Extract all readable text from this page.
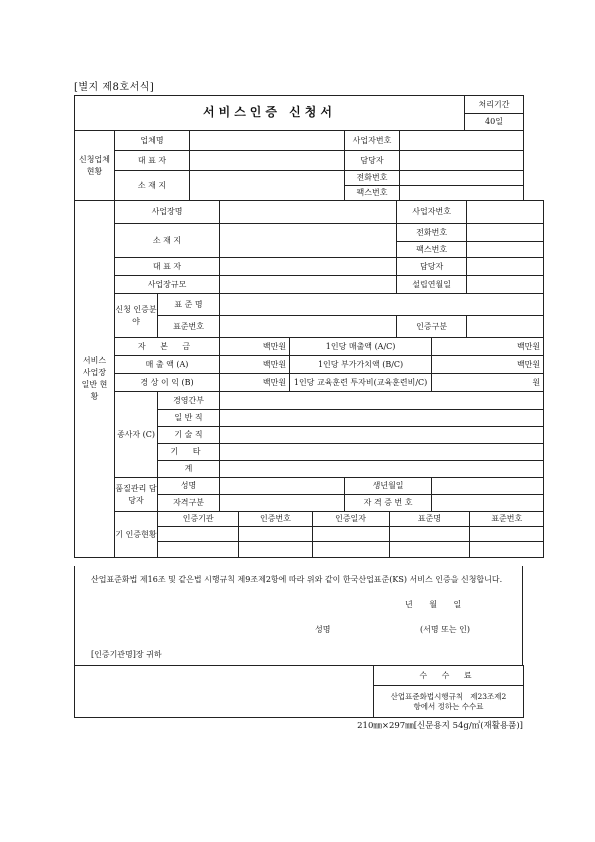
[별지 제8호서식]
서비스인증 신청서	처리기간
40일
신청업체 현황	업체명		사업자번호	
	대 표 자		담당자	
	소 재 지		전화번호	
			팩스번호	
서비스 사업장 일반 현황	사업장명		사업자번호	
소 재 지		전화번호	
팩스번호	
대 표 자		담당자	
사업장규모		설립연월일	
신청 인증분야	표 준 명	
표준번호		인증구분	
자 본 금	백만원	1인당 매출액 (A/C)	백만원
매 출 액 (A)	백만원	1인당 부가가치액 (B/C)	백만원
경 상 이 익 (B)	백만원	1인당 교육훈련 투자비(교육훈련비/C)	원
종사자 (C)	경영간부	
일 반 직	
기 술 직	
기 타	
계	
품질관리 담당자	성명		생년월일	
자격구분		자 격 증 번 호	
기 인증현황	
인증기관	인증번호	인증일자	표준명	표준번호

산업표준화법 제16조 및 같은법 시행규칙 제9조제2항에 따라 위와 같이 한국산업표준(KS) 서비스 인증을 신청합니다.
년 월 일
성명	(서명 또는 인)
[인증기관명]장 귀하
	수 수 료
산업표준화법시행규칙 제23조제2
항에서 정하는 수수료
210㎜×297㎜[신문용지 54g/㎡(재활용품)]
